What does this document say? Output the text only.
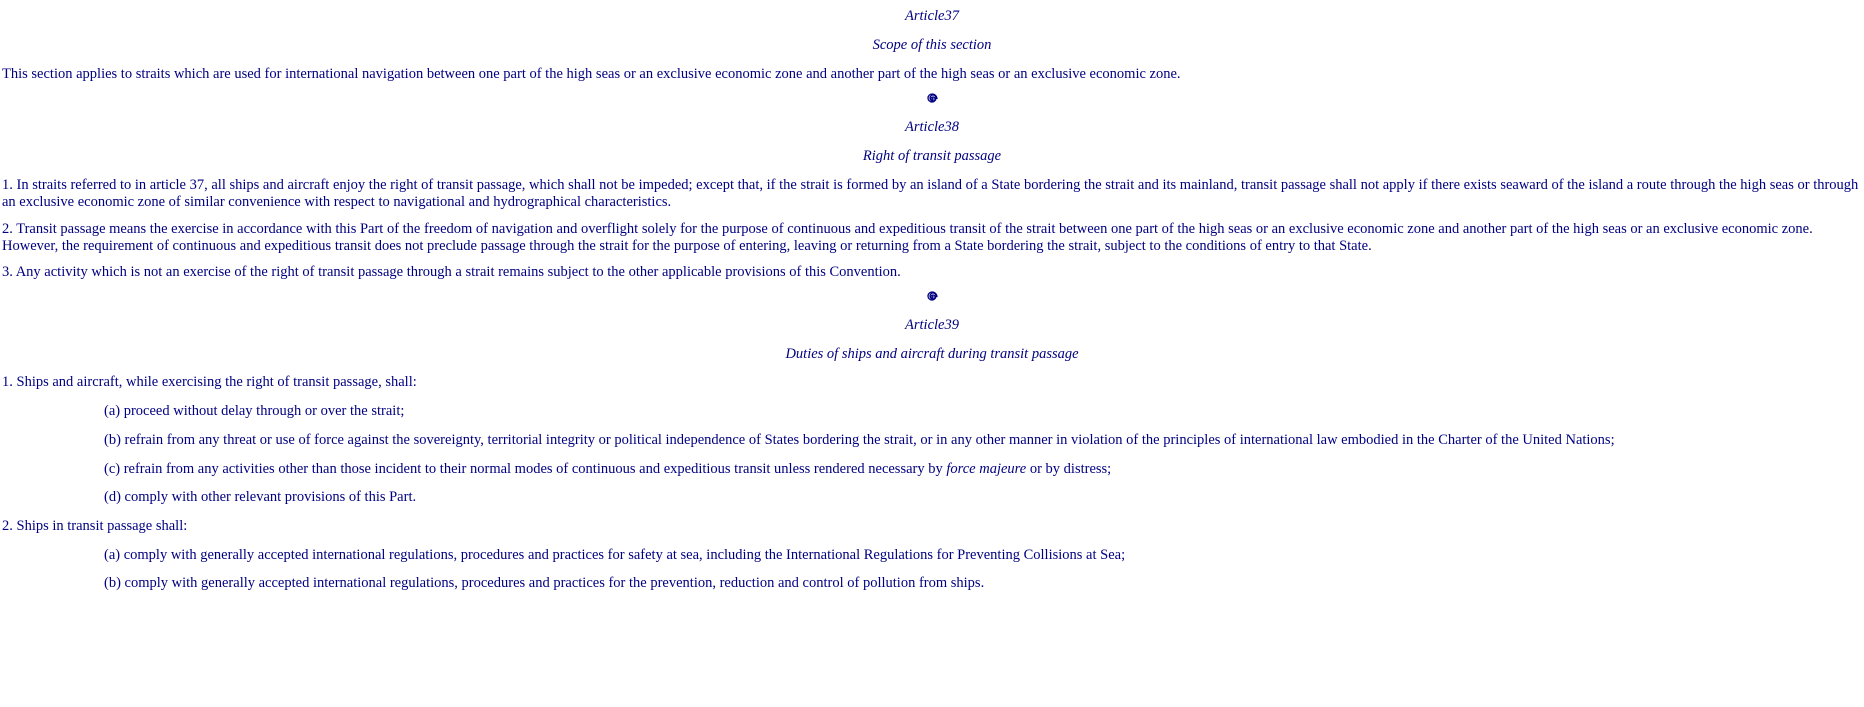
Article37
Scope of this section

This section applies to straits which are used for international navigation between one part of the high seas or an exclusive economic zone and another part of the high seas or an exclusive economic zone.

Article38
Right of transit passage

1. In straits referred to in article 37, all ships and aircraft enjoy the right of transit passage, which shall not be impeded; except that, if the strait is formed by an island of a State bordering the strait and its mainland, transit passage shall not apply if there exists seaward of the island a route through the high seas or through an exclusive economic zone of similar convenience with respect to navigational and hydrographical characteristics.

2. Transit passage means the exercise in accordance with this Part of the freedom of navigation and overflight solely for the purpose of continuous and expeditious transit of the strait between one part of the high seas or an exclusive economic zone and another part of the high seas or an exclusive economic zone. However, the requirement of continuous and expeditious transit does not preclude passage through the strait for the purpose of entering, leaving or returning from a State bordering the strait, subject to the conditions of entry to that State.

3. Any activity which is not an exercise of the right of transit passage through a strait remains subject to the other applicable provisions of this Convention.

Article39
Duties of ships and aircraft during transit passage

1. Ships and aircraft, while exercising the right of transit passage, shall:

(a) proceed without delay through or over the strait;

(b) refrain from any threat or use of force against the sovereignty, territorial integrity or political independence of States bordering the strait, or in any other manner in violation of the principles of international law embodied in the Charter of the United Nations;

(c) refrain from any activities other than those incident to their normal modes of continuous and expeditious transit unless rendered necessary by force majeure or by distress;

(d) comply with other relevant provisions of this Part.

2. Ships in transit passage shall:

(a) comply with generally accepted international regulations, procedures and practices for safety at sea, including the International Regulations for Preventing Collisions at Sea;

(b) comply with generally accepted international regulations, procedures and practices for the prevention, reduction and control of pollution from ships.
